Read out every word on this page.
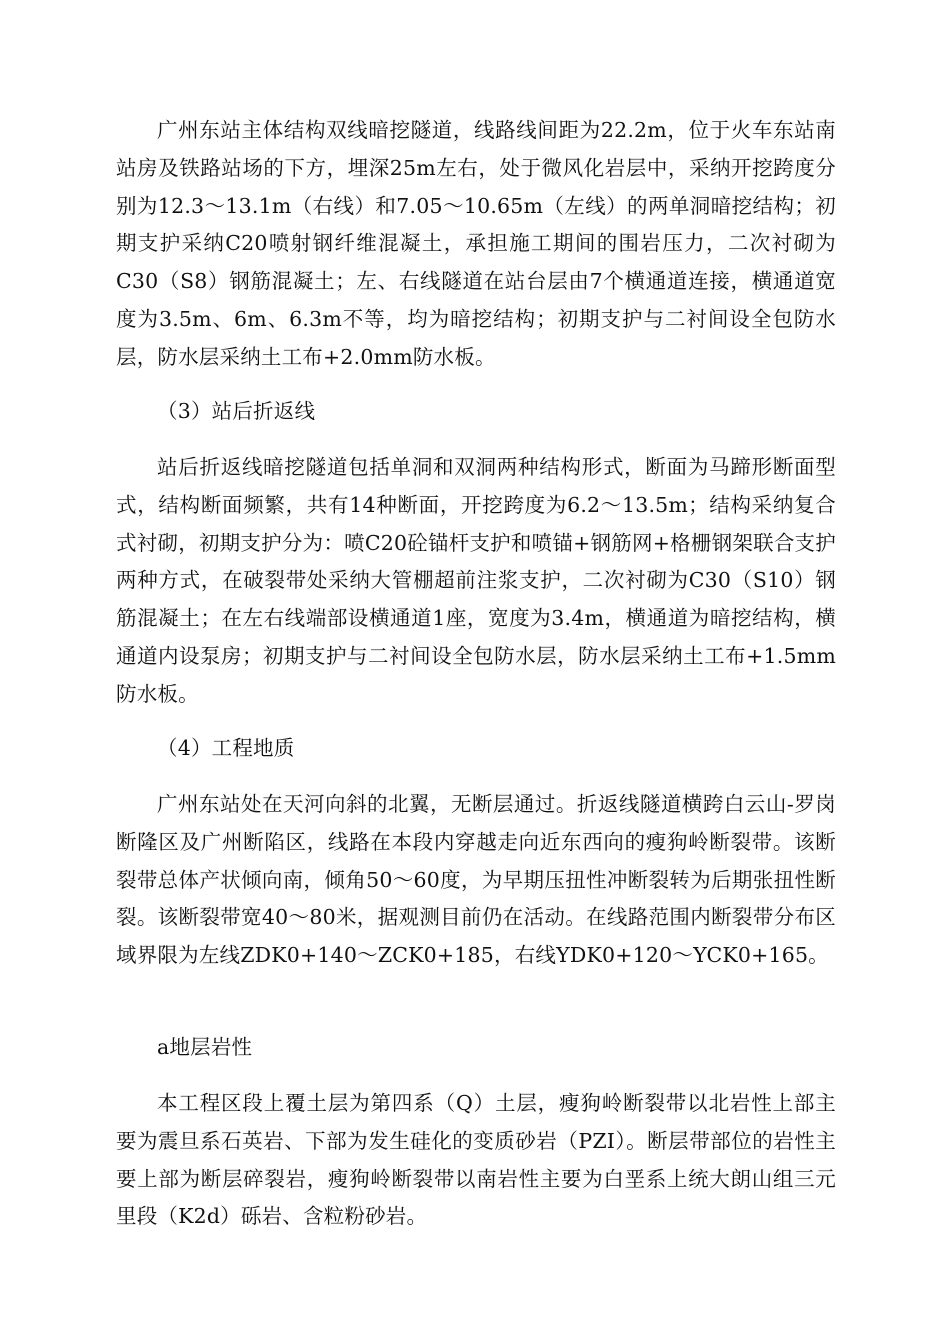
广州东站主体结构双线暗挖隧道，线路线间距为22.2m，位于火车东站南站房及铁路站场的下方，埋深25m左右，处于微风化岩层中，采纳开挖跨度分别为12.3～13.1m（右线）和7.05～10.65m（左线）的两单洞暗挖结构；初期支护采纳C20喷射钢纤维混凝土，承担施工期间的围岩压力，二次衬砌为C30（S8）钢筋混凝土；左、右线隧道在站台层由7个横通道连接，横通道宽度为3.5m、6m、6.3m不等，均为暗挖结构；初期支护与二衬间设全包防水层，防水层采纳土工布+2.0mm防水板。

（3）站后折返线

站后折返线暗挖隧道包括单洞和双洞两种结构形式，断面为马蹄形断面型式，结构断面频繁，共有14种断面，开挖跨度为6.2～13.5m；结构采纳复合式衬砌，初期支护分为：喷C20砼锚杆支护和喷锚+钢筋网+格栅钢架联合支护两种方式，在破裂带处采纳大管棚超前注浆支护，二次衬砌为C30（S10）钢筋混凝土；在左右线端部设横通道1座，宽度为3.4m，横通道为暗挖结构，横通道内设泵房；初期支护与二衬间设全包防水层，防水层采纳土工布+1.5mm防水板。

（4）工程地质

广州东站处在天河向斜的北翼，无断层通过。折返线隧道横跨白云山-罗岗断隆区及广州断陷区，线路在本段内穿越走向近东西向的瘦狗岭断裂带。该断裂带总体产状倾向南，倾角50～60度，为早期压扭性冲断裂转为后期张扭性断裂。该断裂带宽40～80米，据观测目前仍在活动。在线路范围内断裂带分布区域界限为左线ZDK0+140～ZCK0+185，右线YDK0+120～YCK0+165。

a地层岩性

本工程区段上覆土层为第四系（Q）土层，瘦狗岭断裂带以北岩性上部主要为震旦系石英岩、下部为发生硅化的变质砂岩（PZI）。断层带部位的岩性主要上部为断层碎裂岩，瘦狗岭断裂带以南岩性主要为白垩系上统大朗山组三元里段（K2d）砾岩、含粒粉砂岩。
